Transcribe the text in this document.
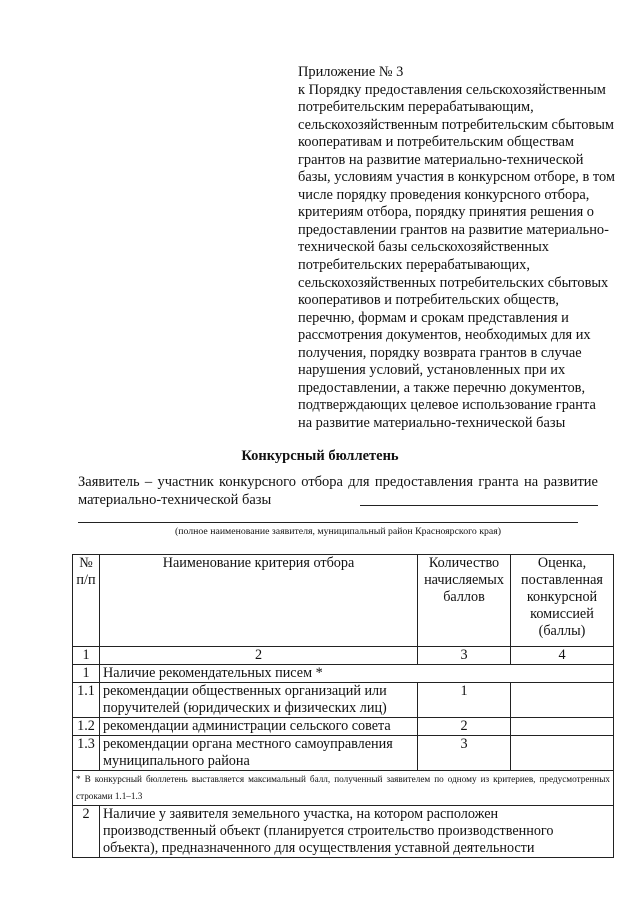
Приложение № 3
к Порядку предоставления сельскохозяйственным
потребительским перерабатывающим,
сельскохозяйственным потребительским сбытовым
кооперативам и потребительским обществам
грантов на развитие материально-технической
базы, условиям участия в конкурсном отборе, в том
числе порядку проведения конкурсного отбора,
критериям отбора, порядку принятия решения о
предоставлении грантов на развитие материально-
технической базы сельскохозяйственных
потребительских перерабатывающих,
сельскохозяйственных потребительских сбытовых
кооперативов и потребительских обществ,
перечню, формам и срокам представления и
рассмотрения документов, необходимых для их
получения, порядку возврата грантов в случае
нарушения условий, установленных при их
предоставлении, а также перечню документов,
подтверждающих целевое использование гранта
на развитие материально-технической базы
Конкурсный бюллетень
Заявитель – участник конкурсного отбора для предоставления гранта на развитие материально-технической базы
(полное наименование заявителя, муниципальный район Красноярского края)
№ п/п	Наименование критерия отбора	Количество начисляемых баллов	Оценка, поставленная конкурсной комиссией (баллы)
1	2	3	4
1	Наличие рекомендательных писем *		
1.1	рекомендации общественных организаций или поручителей (юридических и физических лиц)	1	
1.2	рекомендации администрации сельского совета	2	
1.3	рекомендации органа местного самоуправления муниципального района	3	
* В конкурсный бюллетень выставляется максимальный балл, полученный заявителем по одному из критериев, предусмотренных строками 1.1–1.3			
2	Наличие у заявителя земельного участка, на котором расположен производственный объект (планируется строительство производственного объекта), предназначенного для осуществления уставной деятельности		
